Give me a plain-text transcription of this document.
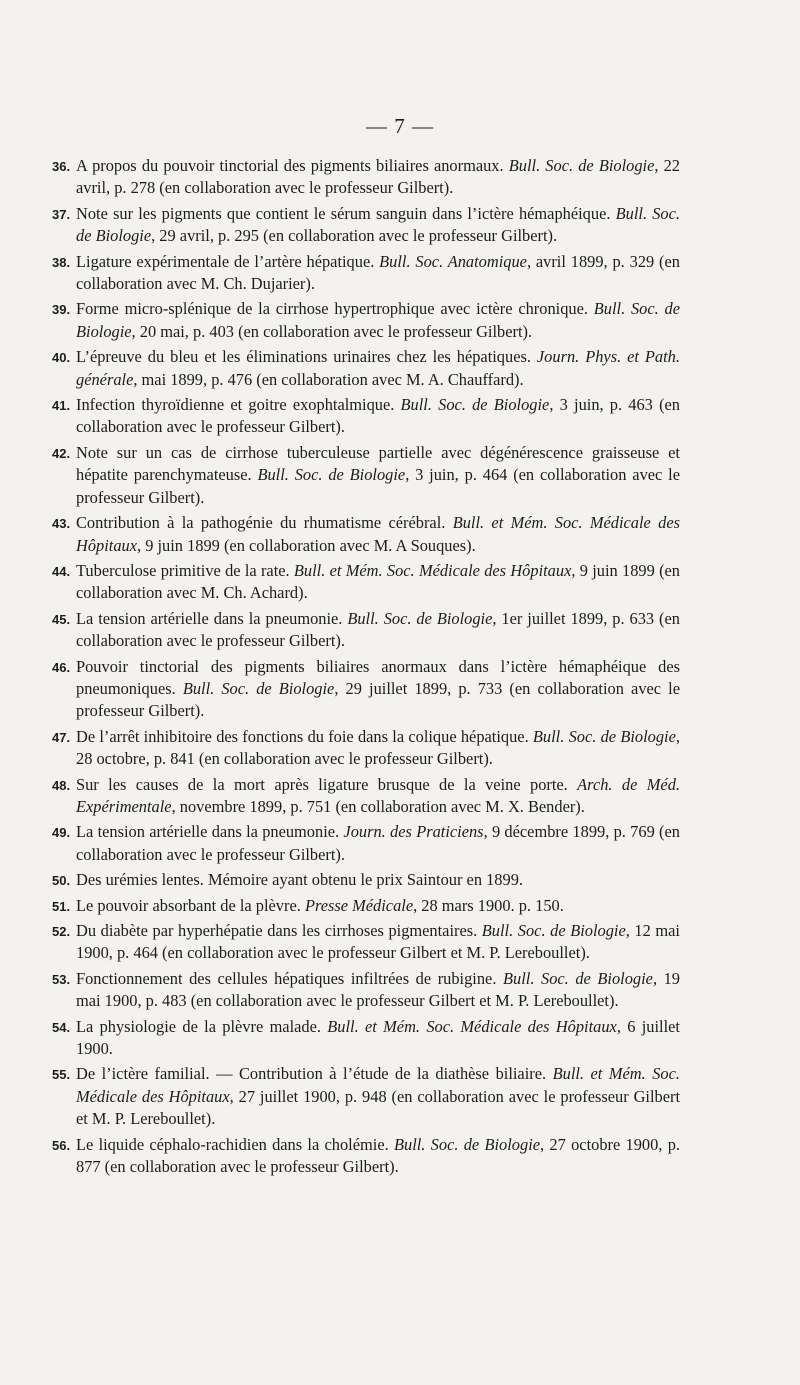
— 7 —
36. A propos du pouvoir tinctorial des pigments biliaires anormaux. Bull. Soc. de Biologie, 22 avril, p. 278 (en collaboration avec le professeur Gilbert).
37. Note sur les pigments que contient le sérum sanguin dans l’ictère hémaphéique. Bull. Soc. de Biologie, 29 avril, p. 295 (en collaboration avec le professeur Gilbert).
38. Ligature expérimentale de l’artère hépatique. Bull. Soc. Anatomique, avril 1899, p. 329 (en collaboration avec M. Ch. Dujarier).
39. Forme micro-splénique de la cirrhose hypertrophique avec ictère chronique. Bull. Soc. de Biologie, 20 mai, p. 403 (en collaboration avec le professeur Gilbert).
40. L’épreuve du bleu et les éliminations urinaires chez les hépatiques. Journ. Phys. et Path. générale, mai 1899, p. 476 (en collaboration avec M. A. Chauffard).
41. Infection thyroïdienne et goitre exophtalmique. Bull. Soc. de Biologie, 3 juin, p. 463 (en collaboration avec le professeur Gilbert).
42. Note sur un cas de cirrhose tuberculeuse partielle avec dégénérescence graisseuse et hépatite parenchymateuse. Bull. Soc. de Biologie, 3 juin, p. 464 (en collaboration avec le professeur Gilbert).
43. Contribution à la pathogénie du rhumatisme cérébral. Bull. et Mém. Soc. Médicale des Hôpitaux, 9 juin 1899 (en collaboration avec M. A Souques).
44. Tuberculose primitive de la rate. Bull. et Mém. Soc. Médicale des Hôpitaux, 9 juin 1899 (en collaboration avec M. Ch. Achard).
45. La tension artérielle dans la pneumonie. Bull. Soc. de Biologie, 1er juillet 1899, p. 633 (en collaboration avec le professeur Gilbert).
46. Pouvoir tinctorial des pigments biliaires anormaux dans l’ictère hémaphéique des pneumoniques. Bull. Soc. de Biologie, 29 juillet 1899, p. 733 (en collaboration avec le professeur Gilbert).
47. De l’arrêt inhibitoire des fonctions du foie dans la colique hépatique. Bull. Soc. de Biologie, 28 octobre, p. 841 (en collaboration avec le professeur Gilbert).
48. Sur les causes de la mort après ligature brusque de la veine porte. Arch. de Méd. Expérimentale, novembre 1899, p. 751 (en collaboration avec M. X. Bender).
49. La tension artérielle dans la pneumonie. Journ. des Praticiens, 9 décembre 1899, p. 769 (en collaboration avec le professeur Gilbert).
50. Des urémies lentes. Mémoire ayant obtenu le prix Saintour en 1899.
51. Le pouvoir absorbant de la plèvre. Presse Médicale, 28 mars 1900. p. 150.
52. Du diabète par hyperhépatie dans les cirrhoses pigmentaires. Bull. Soc. de Biologie, 12 mai 1900, p. 464 (en collaboration avec le professeur Gilbert et M. P. Lereboullet).
53. Fonctionnement des cellules hépatiques infiltrées de rubigine. Bull. Soc. de Biologie, 19 mai 1900, p. 483 (en collaboration avec le professeur Gilbert et M. P. Lereboullet).
54. La physiologie de la plèvre malade. Bull. et Mém. Soc. Médicale des Hôpitaux, 6 juillet 1900.
55. De l’ictère familial. — Contribution à l’étude de la diathèse biliaire. Bull. et Mém. Soc. Médicale des Hôpitaux, 27 juillet 1900, p. 948 (en collaboration avec le professeur Gilbert et M. P. Lereboullet).
56. Le liquide céphalo-rachidien dans la cholémie. Bull. Soc. de Biologie, 27 octobre 1900, p. 877 (en collaboration avec le professeur Gilbert).
